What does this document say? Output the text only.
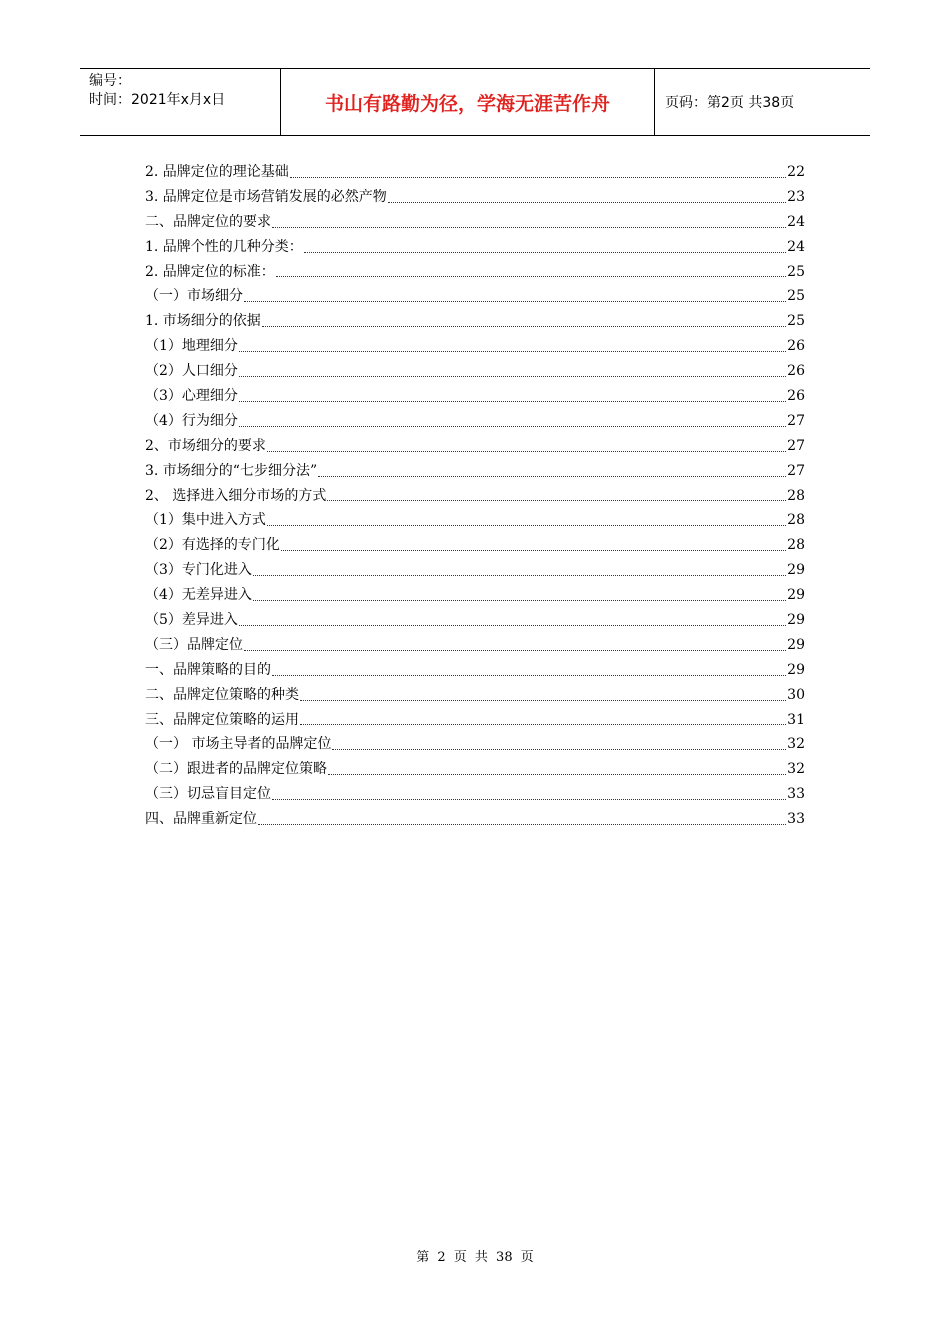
编号：
时间：2021年x月x日	书山有路勤为径，学海无涯苦作舟	页码：第2页 共38页
2. 品牌定位的理论基础	22
3. 品牌定位是市场营销发展的必然产物	23
二、品牌定位的要求	24
1. 品牌个性的几种分类：	24
2. 品牌定位的标准：	25
（一）市场细分	25
1. 市场细分的依据	25
（1）地理细分	26
（2）人口细分	26
（3）心理细分	26
（4）行为细分	27
2、市场细分的要求	27
3. 市场细分的“七步细分法”	27
2、 选择进入细分市场的方式	28
（1）集中进入方式	28
（2）有选择的专门化	28
（3）专门化进入	29
（4）无差异进入	29
（5）差异进入	29
（三）品牌定位	29
一、品牌策略的目的	29
二、品牌定位策略的种类	30
三、品牌定位策略的运用	31
（一） 市场主导者的品牌定位	32
（二）跟进者的品牌定位策略	32
（三）切忌盲目定位	33
四、品牌重新定位	33
第 2 页 共 38 页
